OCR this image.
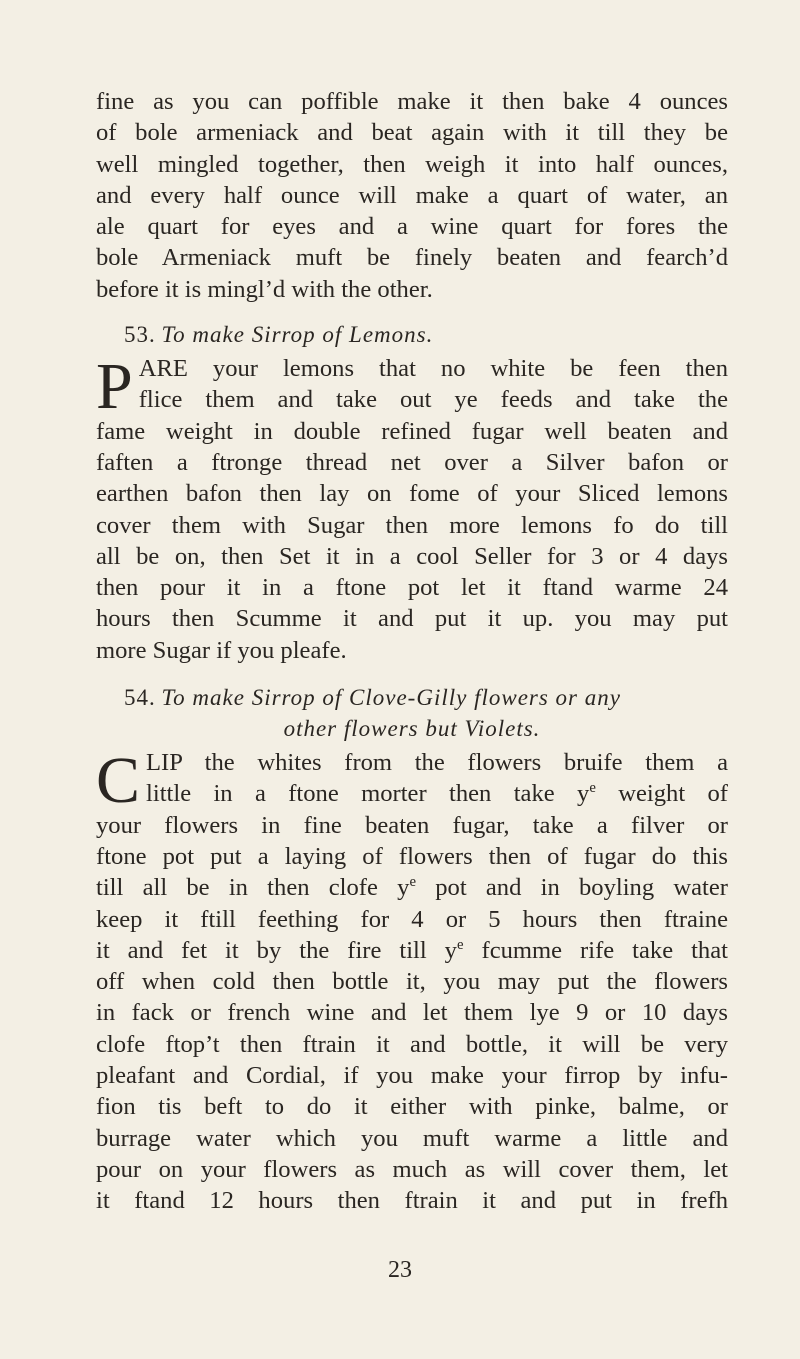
fine as you can poffible make it then bake 4 ounces
of bole armeniack and beat again with it till they be
well mingled together, then weigh it into half ounces,
and every half ounce will make a quart of water, an
ale quart for eyes and a wine quart for fores the
bole Armeniack muft be finely beaten and fearch’d
before it is mingl’d with the other.

53. To make Sirrop of Lemons.

P ARE your lemons that no white be feen then
flice them and take out ye feeds and take the
fame weight in double refined fugar well beaten and
faften a ftronge thread net over a Silver bafon or
earthen bafon then lay on fome of your Sliced lemons
cover them with Sugar then more lemons fo do till
all be on, then Set it in a cool Seller for 3 or 4 days
then pour it in a ftone pot let it ftand warme 24
hours then Scumme it and put it up. you may put
more Sugar if you pleafe.

54. To make Sirrop of Clove-Gilly flowers or any

other flowers but Violets.

C LIP the whites from the flowers bruife them a
little in a ftone morter then take $y^e$ weight of
your flowers in fine beaten fugar, take a filver or
ftone pot put a laying of flowers then of fugar do this
till all be in then clofe $y^e$ pot and in boyling water
keep it ftill feething for 4 or 5 hours then ftraine
it and fet it by the fire till $y^e$ fcumme rife take that
off when cold then bottle it, you may put the flowers
in fack or french wine and let them lye 9 or 10 days
clofe ftop’t then ftrain it and bottle, it will be very
pleafant and Cordial, if you make your firrop by infu-
fion tis beft to do it either with pinke, balme, or
burrage water which you muft warme a little and
pour on your flowers as much as will cover them, let
it ftand 12 hours then ftrain it and put in frefh
23
